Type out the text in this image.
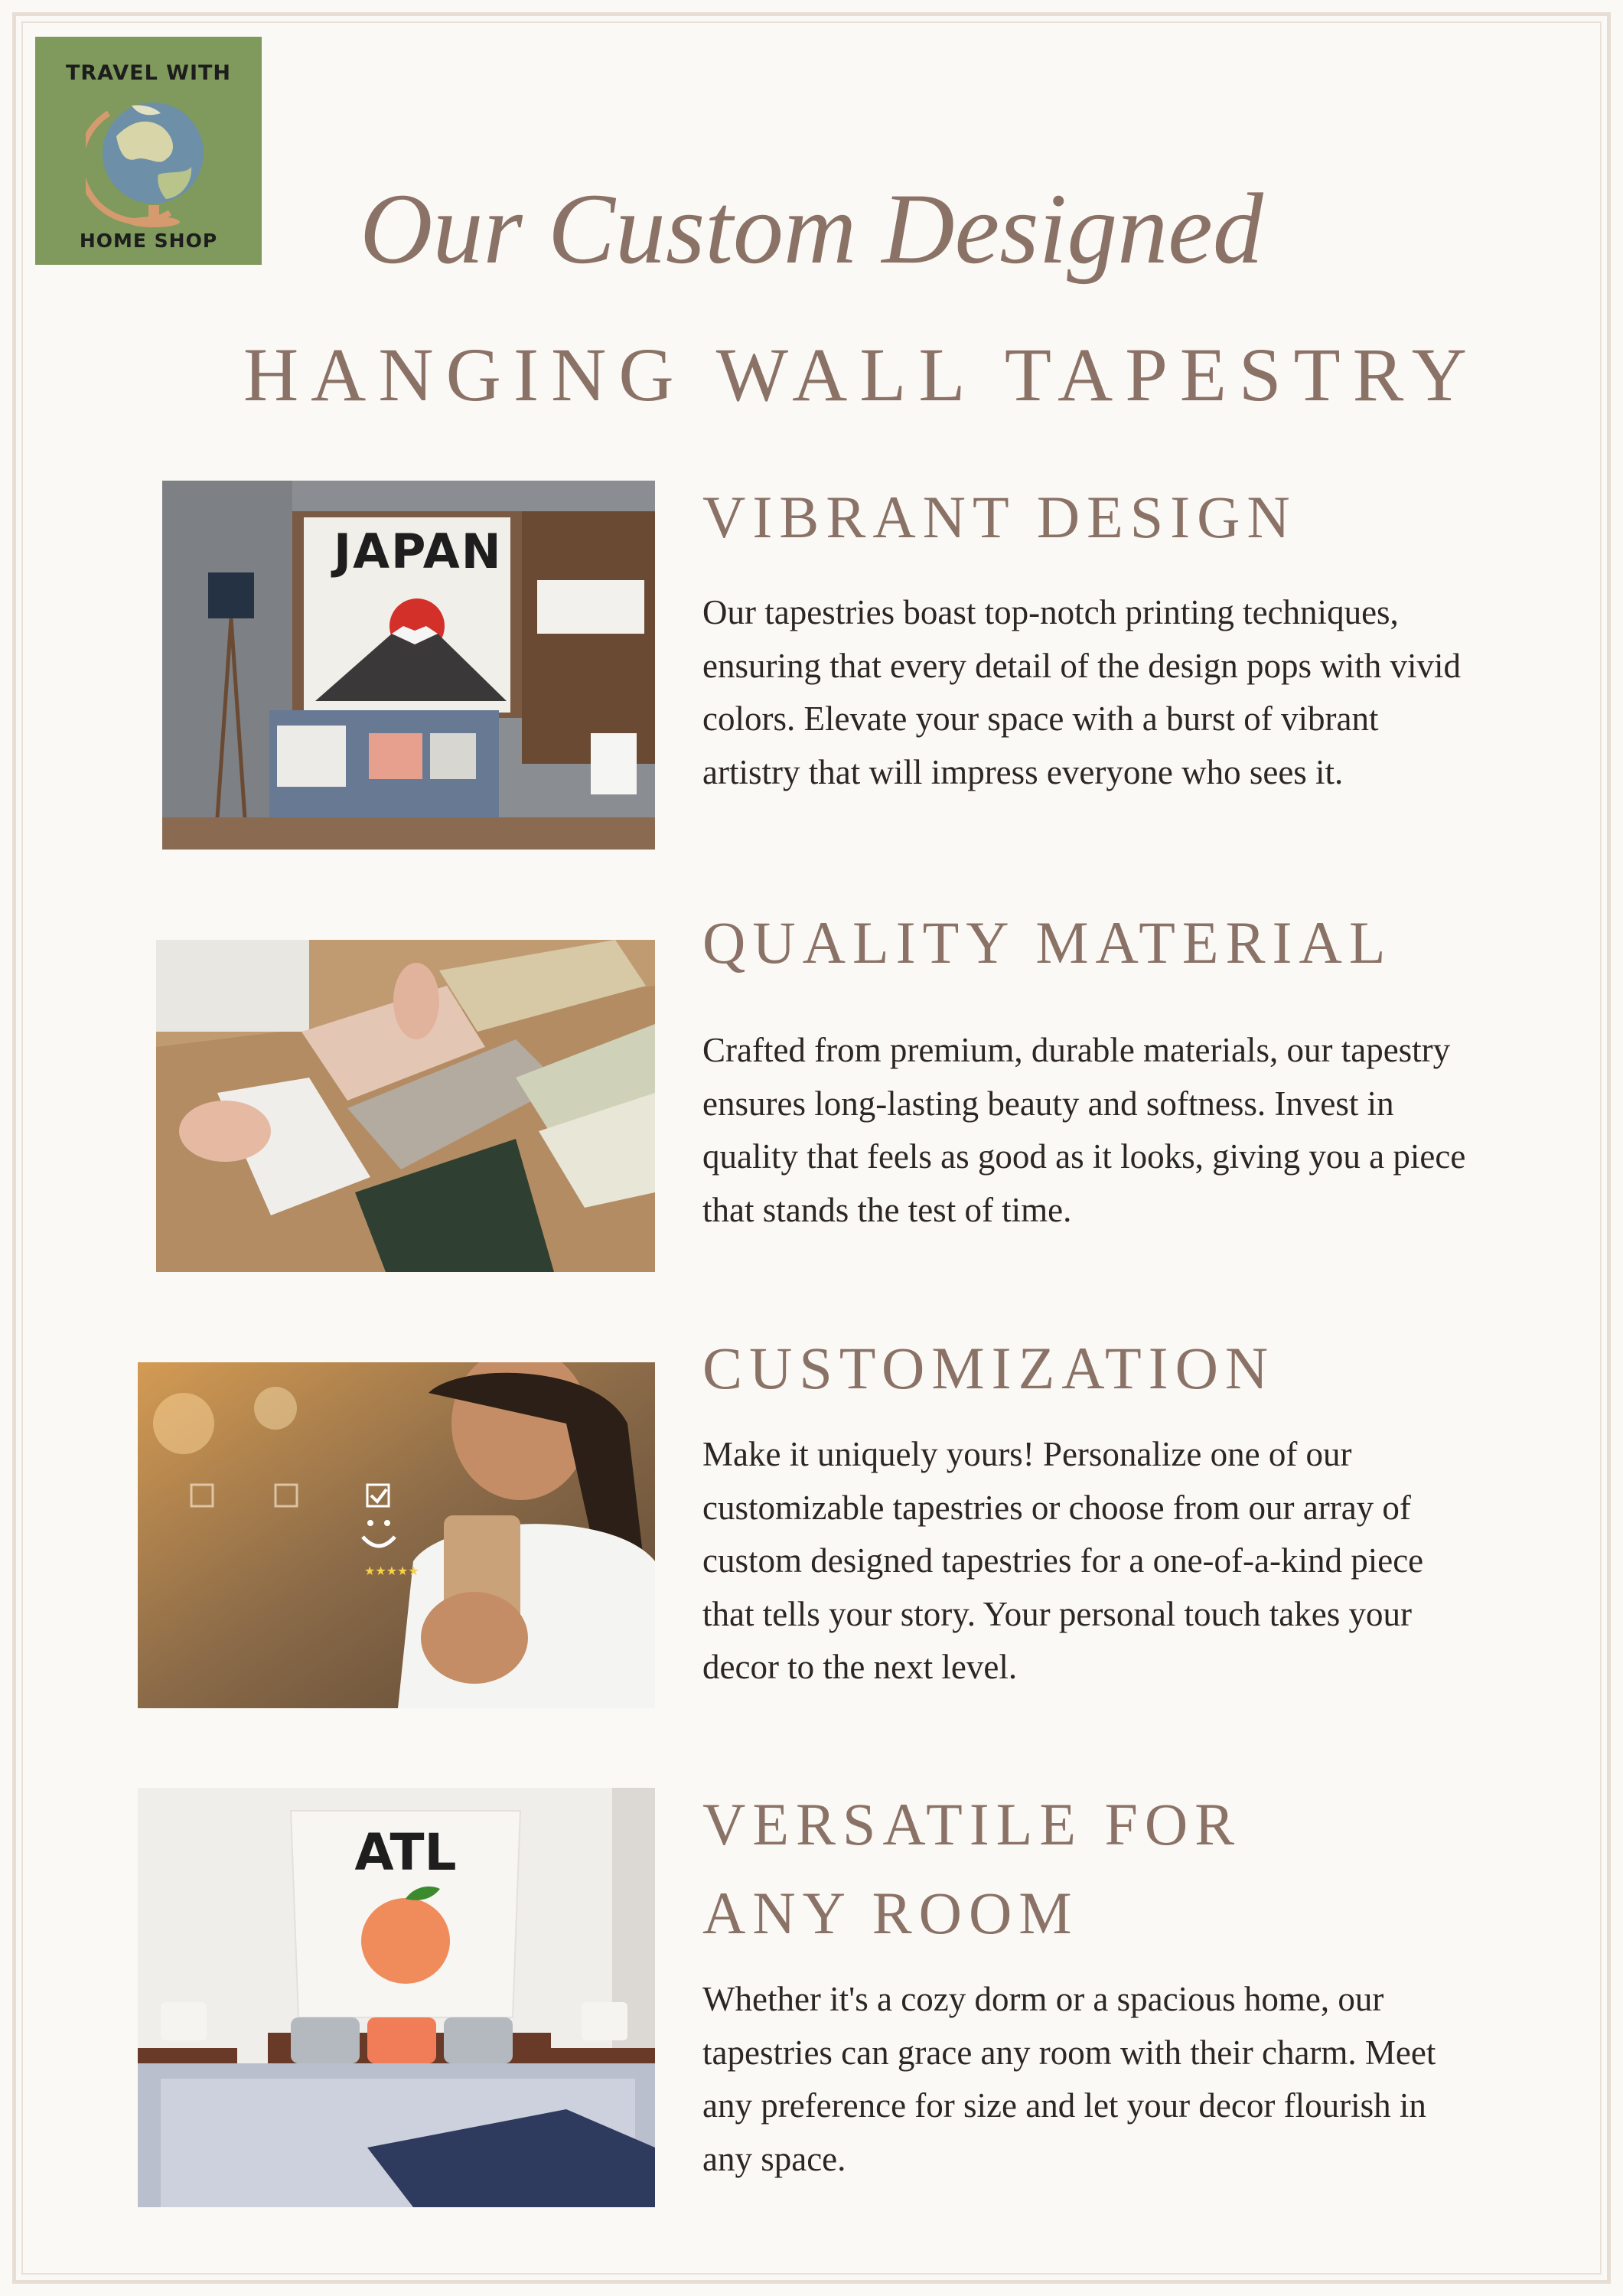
TRAVEL WITH
HOME SHOP	Our Custom Designed
HANGING WALL TAPESTRY
JAPAN
VIBRANT DESIGN

Our tapestries boast top-notch printing techniques, ensuring that every detail of the design pops with vivid colors. Elevate your space with a burst of vibrant artistry that will impress everyone who sees it.

QUALITY MATERIAL

Crafted from premium, durable materials, our tapestry ensures long-lasting beauty and softness. Invest in quality that feels as good as it looks, giving you a piece that stands the test of time.

★★★★★
CUSTOMIZATION

Make it uniquely yours! Personalize one of our customizable tapestries or choose from our array of custom designed tapestries for a one-of-a-kind piece that tells your story. Your personal touch takes your decor to the next level.

ATL	VERSATILE FOR
ANY ROOM

Whether it's a cozy dorm or a spacious home, our tapestries can grace any room with their charm. Meet any preference for size and let your decor flourish in any space.
